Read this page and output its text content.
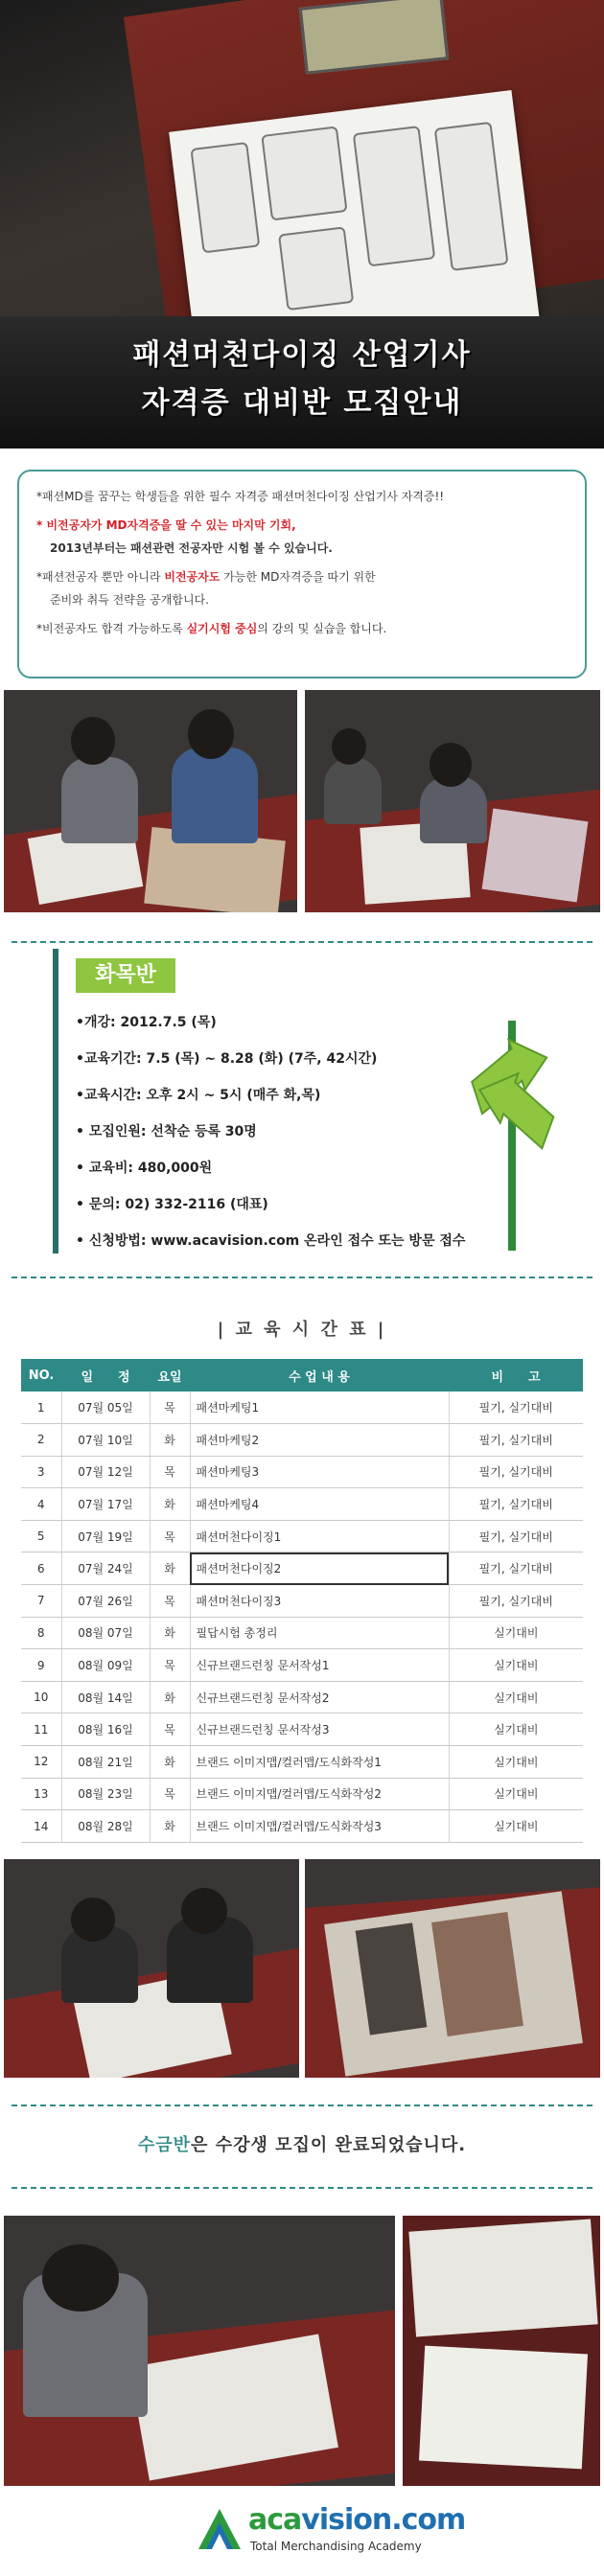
패션머천다이징 산업기사
자격증 대비반 모집안내

*패션MD를 꿈꾸는 학생들을 위한 필수 자격증 패션머천다이징 산업기사 자격증!!

* 비전공자가 MD자격증을 딸 수 있는 마지막 기회,

2013년부터는 패션관련 전공자만 시험 볼 수 있습니다.

*패션전공자 뿐만 아니라 비전공자도 가능한 MD자격증을 따기 위한

준비와 취득 전략을 공개합니다.

*비전공자도 합격 가능하도록 실기시험 중심의 강의 및 실습을 합니다.

화목반
•개강: 2012.7.5 (목)
•교육기간: 7.5 (목) ~ 8.28 (화) (7주, 42시간)
•교육시간: 오후 2시 ~ 5시 (매주 화,목)
• 모집인원: 선착순 등록 30명
• 교육비: 480,000원
• 문의: 02) 332-2116 (대표)
• 신청방법: www.acavision.com 온라인 접수 또는 방문 접수
| 교 육 시 간 표 |
NO.	일　　정	요일	수 업 내 용	비　　고
1	07월 05일	목	패션마케팅1	필기, 실기대비
2	07월 10일	화	패션마케팅2	필기, 실기대비
3	07월 12일	목	패션마케팅3	필기, 실기대비
4	07월 17일	화	패션마케팅4	필기, 실기대비
5	07월 19일	목	패션머천다이징1	필기, 실기대비
6	07월 24일	화	패션머천다이징2	필기, 실기대비
7	07월 26일	목	패션머천다이징3	필기, 실기대비
8	08월 07일	화	필답시험 총정리	실기대비
9	08월 09일	목	신규브랜드런칭 문서작성1	실기대비
10	08월 14일	화	신규브랜드런칭 문서작성2	실기대비
11	08월 16일	목	신규브랜드런칭 문서작성3	실기대비
12	08월 21일	화	브랜드 이미지맵/컬러맵/도식화작성1	실기대비
13	08월 23일	목	브랜드 이미지맵/컬러맵/도식화작성2	실기대비
14	08월 28일	화	브랜드 이미지맵/컬러맵/도식화작성3	실기대비
수금반은 수강생 모집이 완료되었습니다.
acavision.com
Total Merchandising Academy
